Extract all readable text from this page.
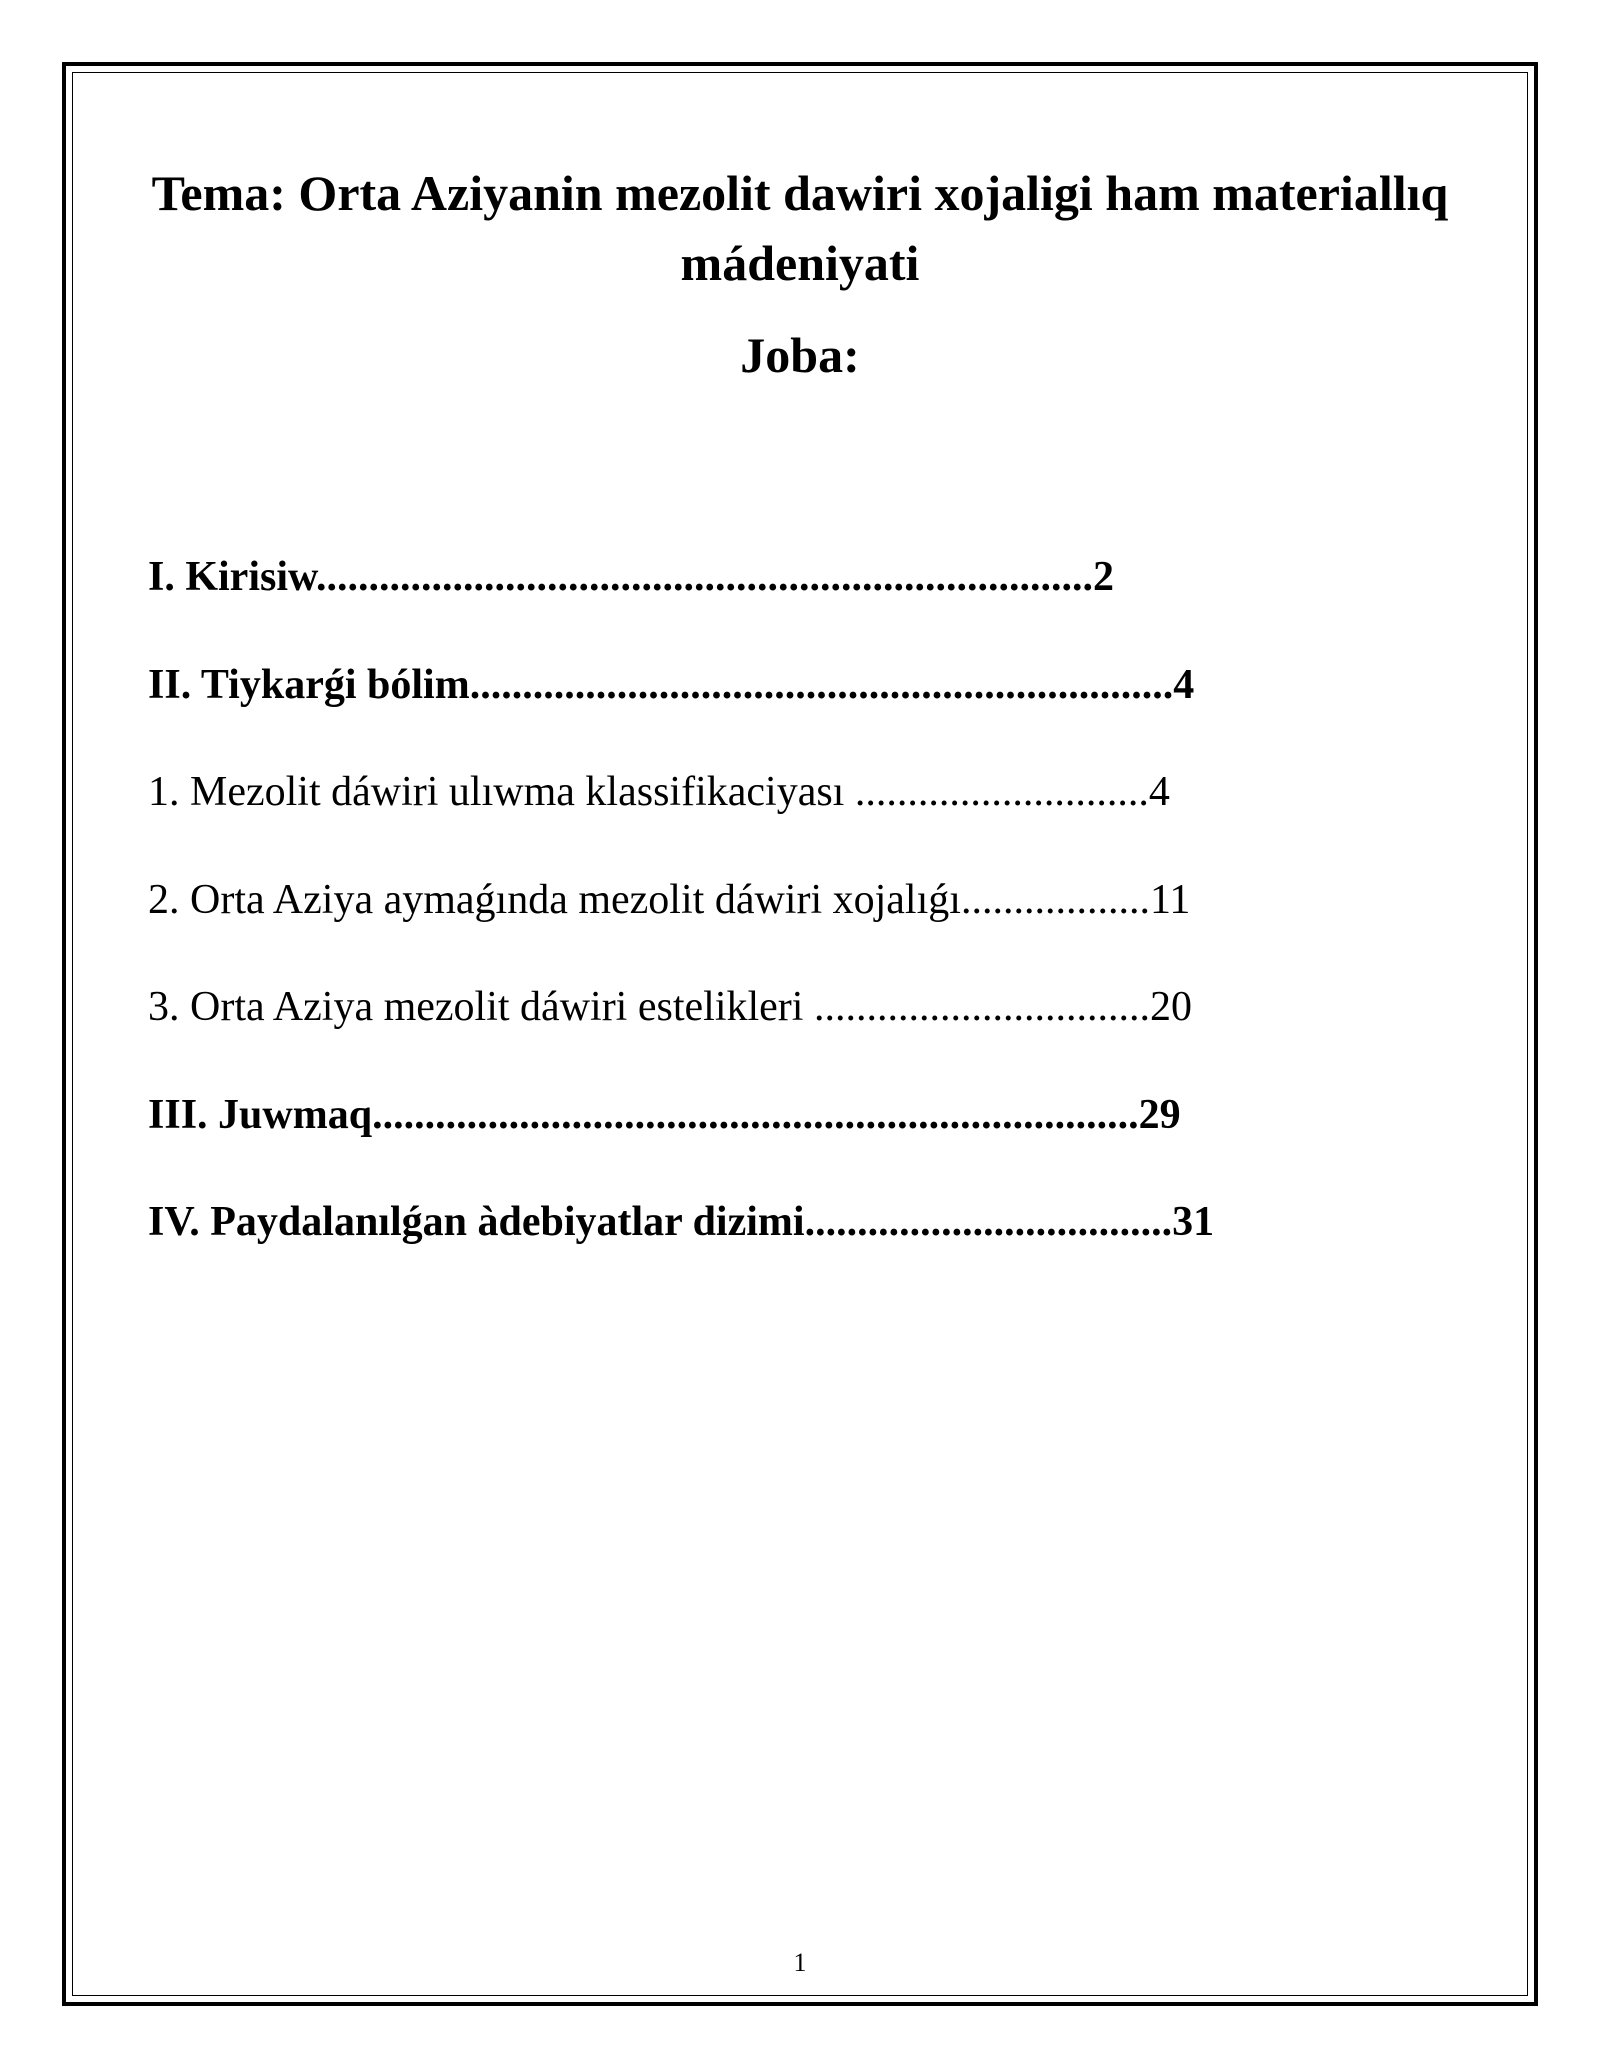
Tema: Orta Aziyanin mezolit dawiri xojaligi ham materiallıq mádeniyati
Joba:
I. Kirisiw..........................................................................2
II. Tiykarǵi bólim...................................................................4
1. Mezolit dáwiri ulıwma klassifikaciyası ............................4
2. Orta Aziya aymaǵında mezolit dáwiri xojalıǵı..................11
3. Orta Aziya mezolit dáwiri estelikleri ................................20
III. Juwmaq.........................................................................29
IV. Paydalanılǵan àdebiyatlar dizimi...................................31
1
